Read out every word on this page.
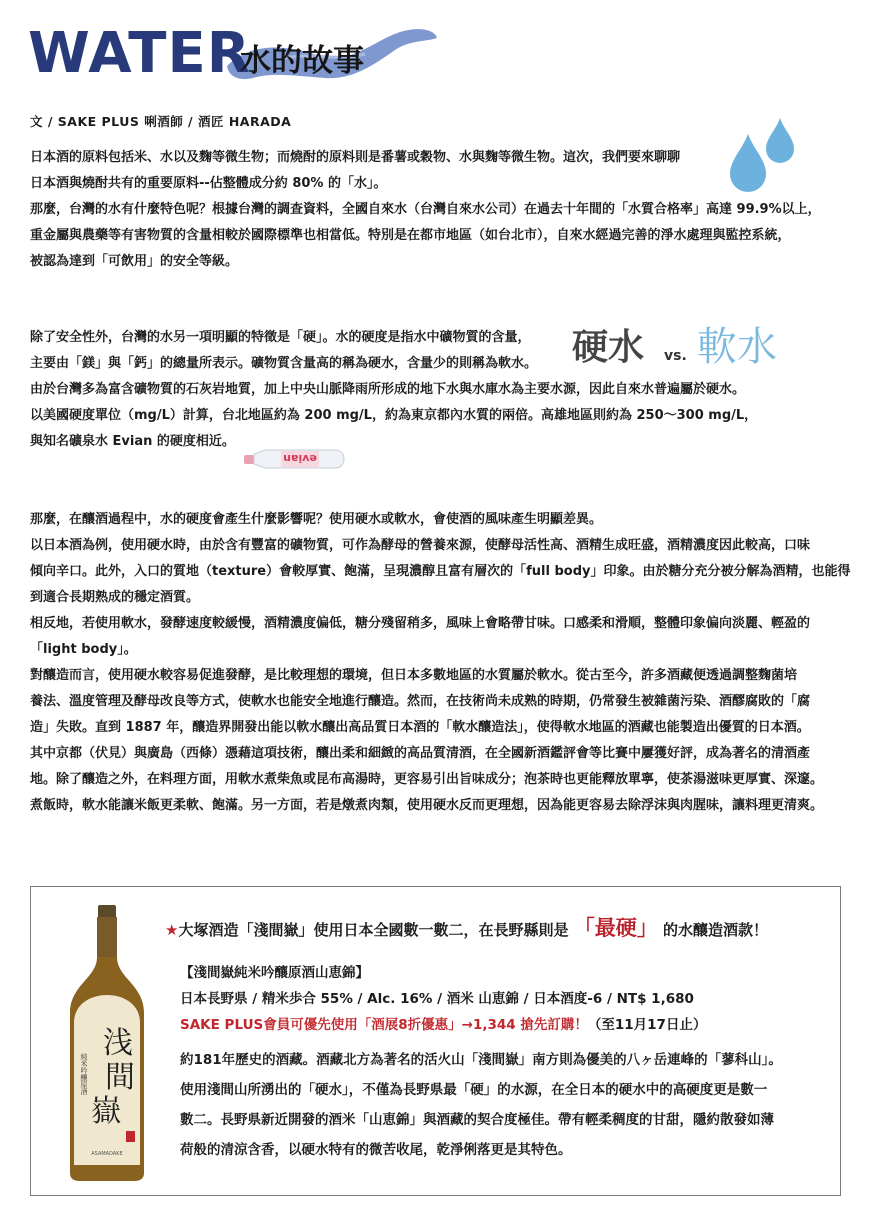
WATER
水的故事
文 / SAKE PLUS 唎酒師 / 酒匠 HARADA

日本酒的原料包括米、水以及麴等微生物；而燒酎的原料則是番薯或穀物、水與麴等微生物。這次，我們要來聊聊

日本酒與燒酎共有的重要原料--佔整體成分約 80% 的「水」。

那麼，台灣的水有什麼特色呢？根據台灣的調查資料，全國自來水（台灣自來水公司）在過去十年間的「水質合格率」高達 99.9%以上，

重金屬與農藥等有害物質的含量相較於國際標準也相當低。特別是在都市地區（如台北市），自來水經過完善的淨水處理與監控系統，

被認為達到「可飲用」的安全等級。

除了安全性外，台灣的水另一項明顯的特徵是「硬」。水的硬度是指水中礦物質的含量，

主要由「鎂」與「鈣」的總量所表示。礦物質含量高的稱為硬水，含量少的則稱為軟水。

由於台灣多為富含礦物質的石灰岩地質，加上中央山脈降雨所形成的地下水與水庫水為主要水源，因此自來水普遍屬於硬水。

以美國硬度單位（mg/L）計算，台北地區約為 200 mg/L，約為東京都內水質的兩倍。高雄地區則約為 250～300 mg/L，

與知名礦泉水 Evian 的硬度相近。

硬水 vs. 軟水
evian

那麼，在釀酒過程中，水的硬度會產生什麼影響呢？使用硬水或軟水，會使酒的風味產生明顯差異。

以日本酒為例，使用硬水時，由於含有豐富的礦物質，可作為酵母的營養來源，使酵母活性高、酒精生成旺盛，酒精濃度因此較高，口味

傾向辛口。此外，入口的質地（texture）會較厚實、飽滿，呈現濃醇且富有層次的「full body」印象。由於糖分充分被分解為酒精，也能得

到適合長期熟成的穩定酒質。

相反地，若使用軟水，發酵速度較緩慢，酒精濃度偏低，糖分殘留稍多，風味上會略帶甘味。口感柔和滑順，整體印象偏向淡麗、輕盈的

「light body」。

對釀造而言，使用硬水較容易促進發酵，是比較理想的環境，但日本多數地區的水質屬於軟水。從古至今，許多酒藏便透過調整麴菌培

養法、溫度管理及酵母改良等方式，使軟水也能安全地進行釀造。然而，在技術尚未成熟的時期，仍常發生被雜菌污染、酒醪腐敗的「腐

造」失敗。直到 1887 年，釀造界開發出能以軟水釀出高品質日本酒的「軟水釀造法」，使得軟水地區的酒藏也能製造出優質的日本酒。

其中京都（伏見）與廣島（西條）憑藉這項技術，釀出柔和細緻的高品質清酒，在全國新酒鑑評會等比賽中屢獲好評，成為著名的清酒產

地。除了釀造之外，在料理方面，用軟水煮柴魚或昆布高湯時，更容易引出旨味成分；泡茶時也更能釋放單寧，使茶湯滋味更厚實、深邃。

煮飯時，軟水能讓米飯更柔軟、飽滿。另一方面，若是燉煮肉類，使用硬水反而更理想，因為能更容易去除浮沫與肉腥味，讓料理更清爽。

浅間嶽
純米吟釀原酒
ASAMADAKE
★大塚酒造「淺間嶽」使用日本全國數一數二，在長野縣則是 「最硬」 的水釀造酒款！

【淺間嶽純米吟釀原酒山恵錦】

日本長野県 / 精米歩合 55% / Alc. 16% / 酒米 山恵錦 / 日本酒度-6 / NT$ 1,680

SAKE PLUS會員可優先使用「酒展8折優惠」→1,344 搶先訂購！（至11月17日止）

約181年歷史的酒藏。酒藏北方為著名的活火山「淺間嶽」南方則為優美的八ヶ岳連峰的「蓼科山」。

使用淺間山所湧出的「硬水」，不僅為長野県最「硬」的水源，在全日本的硬水中的高硬度更是數一

數二。長野県新近開發的酒米「山恵錦」與酒藏的契合度極佳。帶有輕柔稠度的甘甜，隱約散發如薄

荷般的清涼含香，以硬水特有的微苦收尾，乾淨俐落更是其特色。
